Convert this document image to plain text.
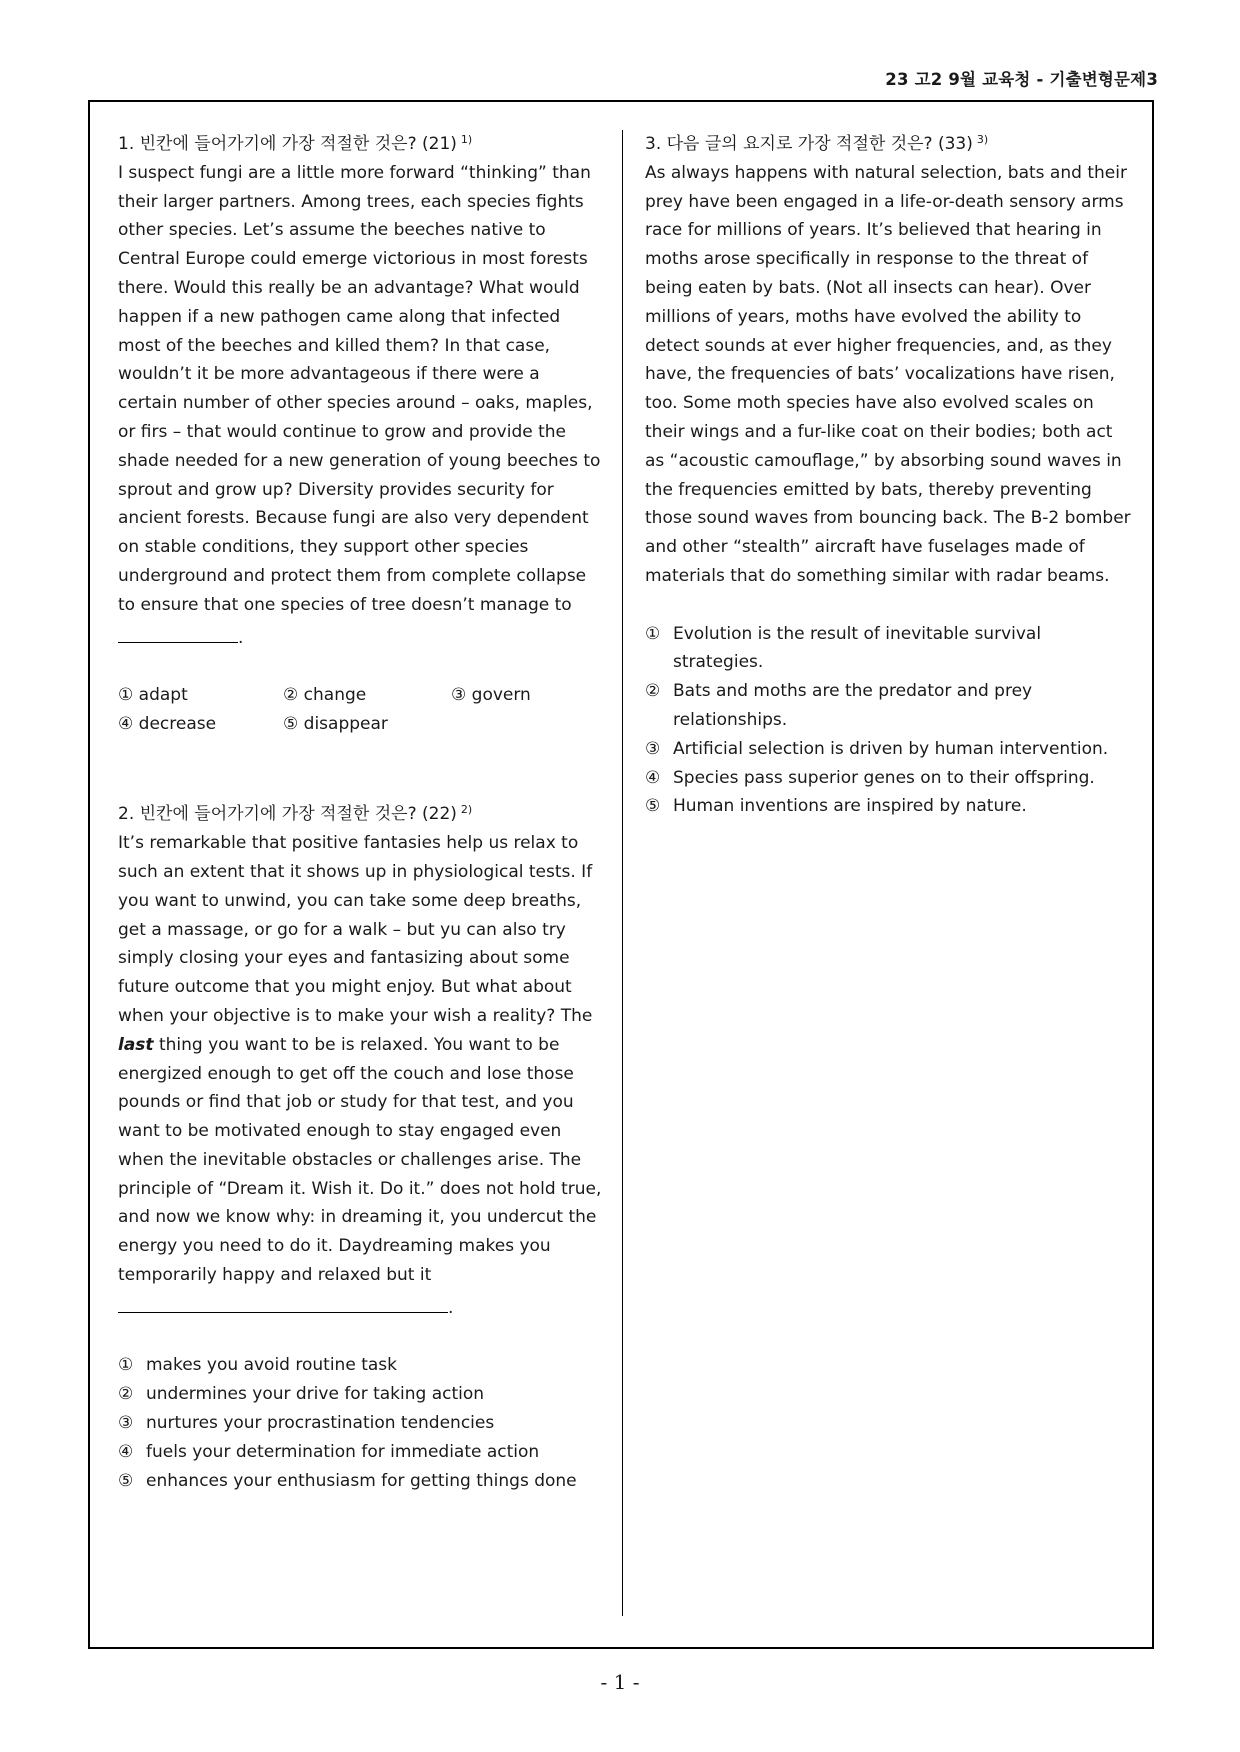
23 고2 9월 교육청 - 기출변형문제3

1. 빈칸에 들어가기에 가장 적절한 것은? (21) $^{1)}$

I suspect fungi are a little more forward “thinking” than their larger partners. Among trees, each species fights other species. Let’s assume the beeches native to Central Europe could emerge victorious in most forests there. Would this really be an advantage? What would happen if a new pathogen came along that infected most of the beeches and killed them? In that case, wouldn’t it be more advantageous if there were a certain number of other species around – oaks, maples, or firs – that would continue to grow and provide the shade needed for a new generation of young beeches to sprout and grow up? Diversity provides security for ancient forests. Because fungi are also very dependent on stable conditions, they support other species underground and protect them from complete collapse to ensure that one species of tree doesn’t manage to

.

① adapt	② change	③ govern
④ decrease	⑤ disappear

2. 빈칸에 들어가기에 가장 적절한 것은? (22) $^{2)}$

It’s remarkable that positive fantasies help us relax to such an extent that it shows up in physiological tests. If you want to unwind, you can take some deep breaths, get a massage, or go for a walk – but yu can also try simply closing your eyes and fantasizing about some future outcome that you might enjoy. But what about when your objective is to make your wish a reality? The last thing you want to be is relaxed. You want to be energized enough to get off the couch and lose those pounds or find that job or study for that test, and you want to be motivated enough to stay engaged even when the inevitable obstacles or challenges arise. The principle of “Dream it. Wish it. Do it.” does not hold true, and now we know why: in dreaming it, you undercut the energy you need to do it. Daydreaming makes you temporarily happy and relaxed but it

.

① makes you avoid routine task
② undermines your drive for taking action
③ nurtures your procrastination tendencies
④ fuels your determination for immediate action
⑤ enhances your enthusiasm for getting things done

3. 다음 글의 요지로 가장 적절한 것은? (33) $^{3)}$

As always happens with natural selection, bats and their prey have been engaged in a life-or-death sensory arms race for millions of years. It’s believed that hearing in moths arose specifically in response to the threat of being eaten by bats. (Not all insects can hear). Over millions of years, moths have evolved the ability to detect sounds at ever higher frequencies, and, as they have, the frequencies of bats’ vocalizations have risen, too. Some moth species have also evolved scales on their wings and a fur-like coat on their bodies; both act as “acoustic camouflage,” by absorbing sound waves in the frequencies emitted by bats, thereby preventing those sound waves from bouncing back. The B-2 bomber and other “stealth” aircraft have fuselages made of materials that do something similar with radar beams.

① Evolution is the result of inevitable survival strategies.
② Bats and moths are the predator and prey relationships.
③ Artificial selection is driven by human intervention.
④ Species pass superior genes on to their offspring.
⑤ Human inventions are inspired by nature.
- 1 -
